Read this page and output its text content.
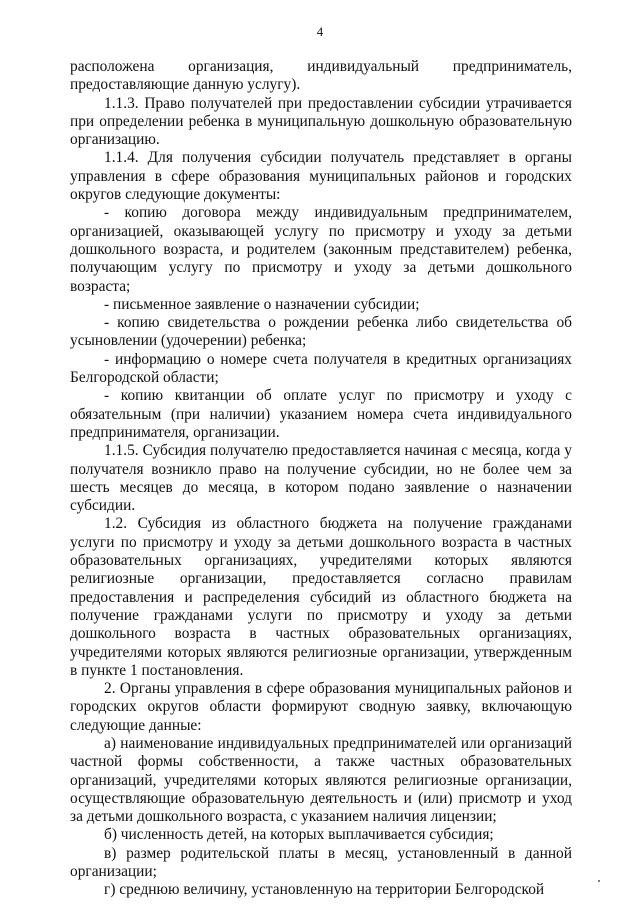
4

расположена организация, индивидуальный предприниматель, предоставляющие данную услугу).

1.1.3. Право получателей при предоставлении субсидии утрачивается при определении ребенка в муниципальную дошкольную образовательную организацию.

1.1.4. Для получения субсидии получатель представляет в органы управления в сфере образования муниципальных районов и городских округов следующие документы:

- копию договора между индивидуальным предпринимателем, организацией, оказывающей услугу по присмотру и уходу за детьми дошкольного возраста, и родителем (законным представителем) ребенка, получающим услугу по присмотру и уходу за детьми дошкольного возраста;

- письменное заявление о назначении субсидии;

- копию свидетельства о рождении ребенка либо свидетельства об усыновлении (удочерении) ребенка;

- информацию о номере счета получателя в кредитных организациях Белгородской области;

- копию квитанции об оплате услуг по присмотру и уходу с обязательным (при наличии) указанием номера счета индивидуального предпринимателя, организации.

1.1.5. Субсидия получателю предоставляется начиная с месяца, когда у получателя возникло право на получение субсидии, но не более чем за шесть месяцев до месяца, в котором подано заявление о назначении субсидии.

1.2. Субсидия из областного бюджета на получение гражданами услуги по присмотру и уходу за детьми дошкольного возраста в частных образовательных организациях, учредителями которых являются религиозные организации, предоставляется согласно правилам предоставления и распределения субсидий из областного бюджета на получение гражданами услуги по присмотру и уходу за детьми дошкольного возраста в частных образовательных организациях, учредителями которых являются религиозные организации, утвержденным в пункте 1 постановления.

2. Органы управления в сфере образования муниципальных районов и городских округов области формируют сводную заявку, включающую следующие данные:

а) наименование индивидуальных предпринимателей или организаций частной формы собственности, а также частных образовательных организаций, учредителями которых являются религиозные организации, осуществляющие образовательную деятельность и (или) присмотр и уход за детьми дошкольного возраста, с указанием наличия лицензии;

б) численность детей, на которых выплачивается субсидия;

в) размер родительской платы в месяц, установленный в данной организации;

г) среднюю величину, установленную на территории Белгородской
